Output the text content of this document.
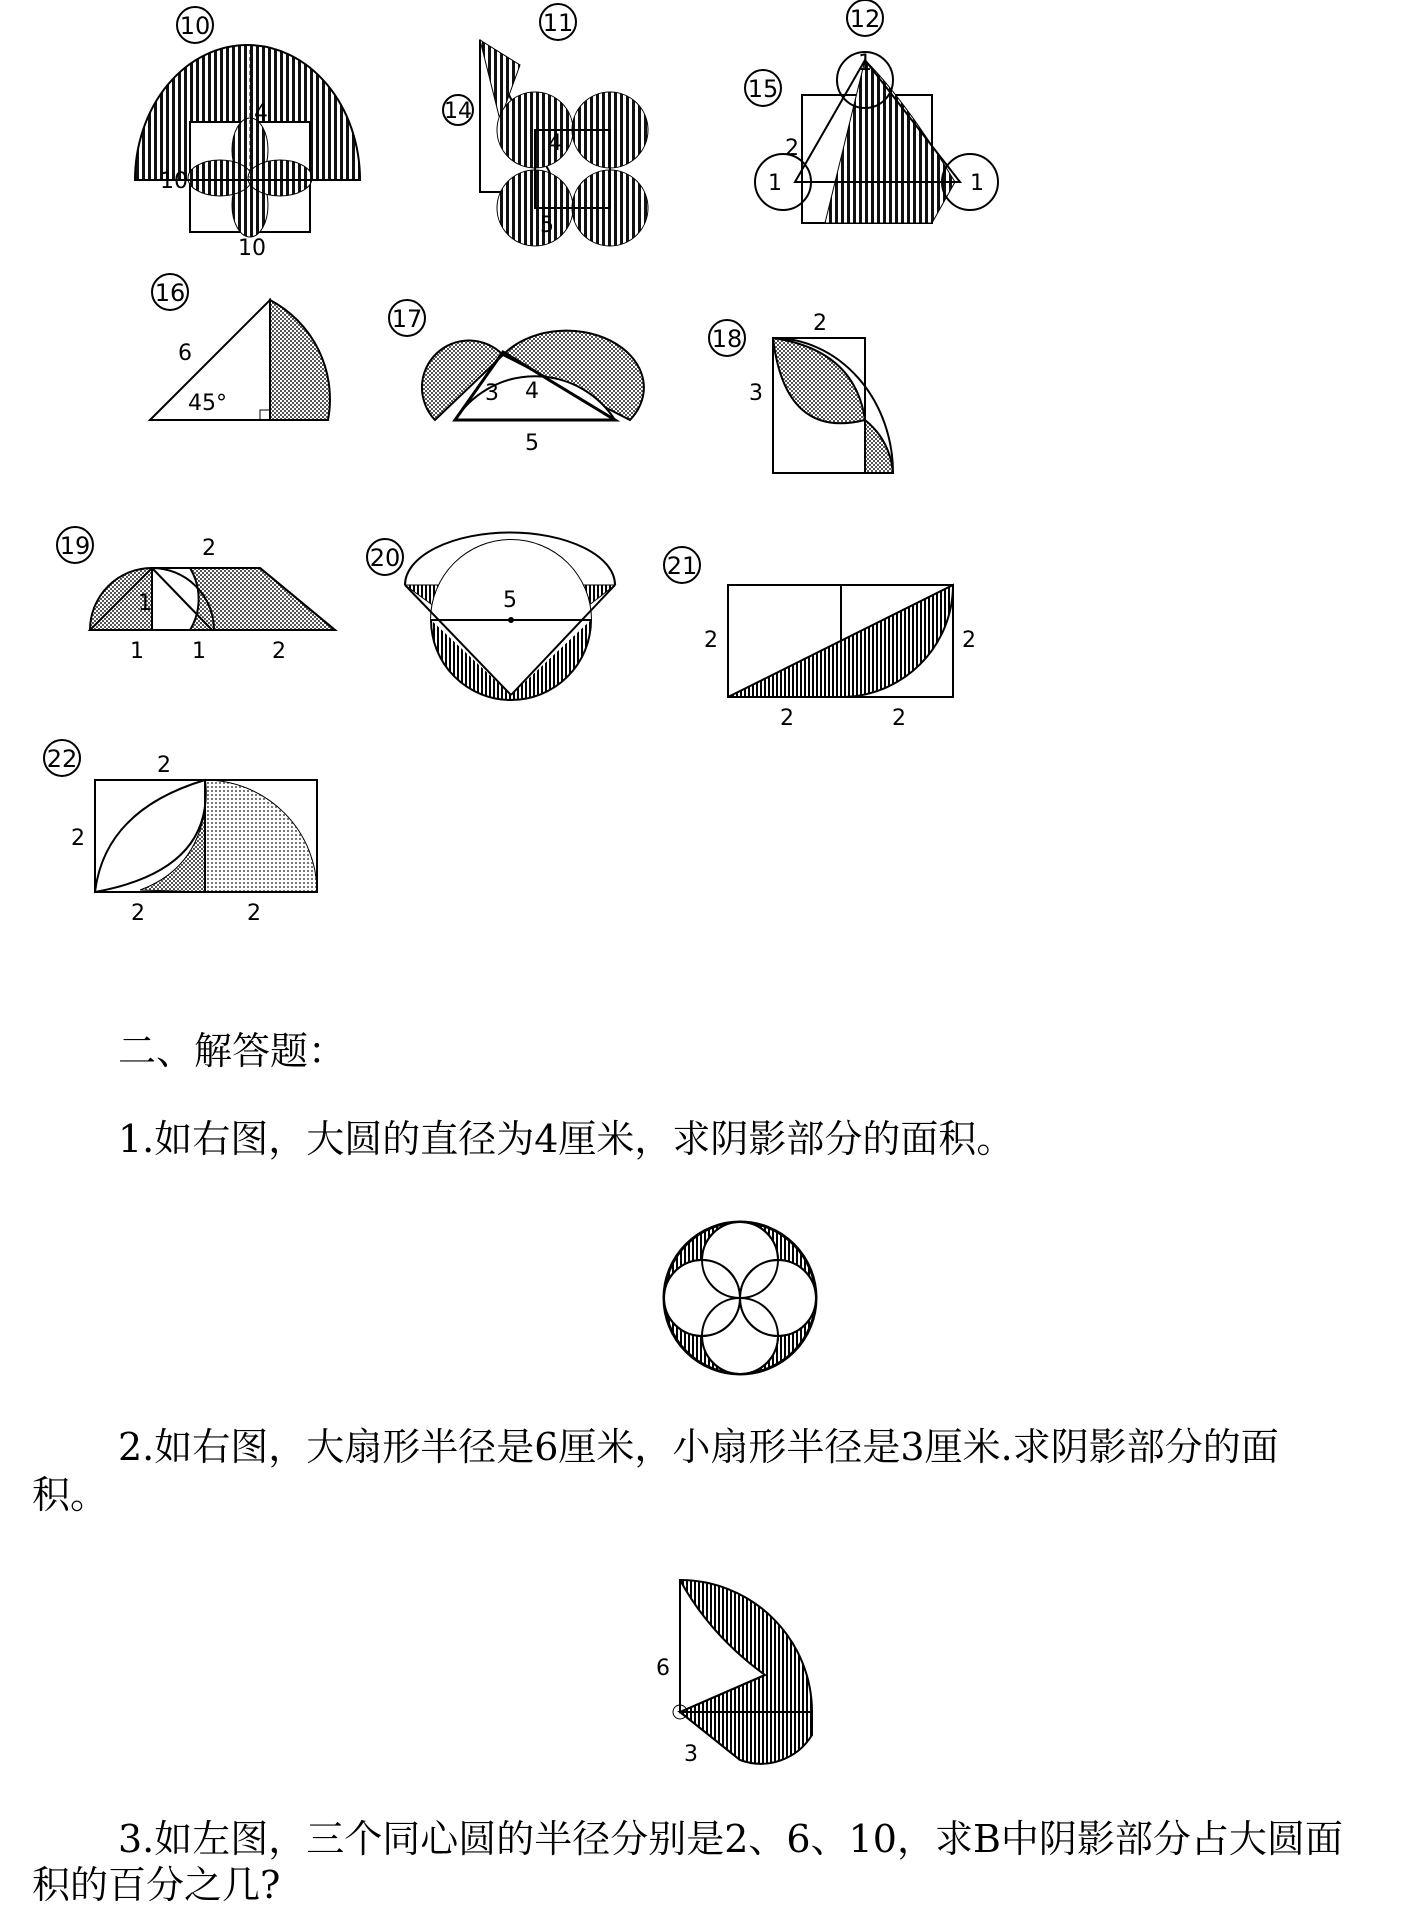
10
4
10
10
11
14
4
5
12
15
1
1	1
2
16
6
45°
17
3 4
5
18
2
3
19	2
1
1 1	2
20
5
21
2	2
2	2
22	2
2
2	2
二、解答题：
1.如右图，大圆的直径为4厘米，求阴影部分的面积。
2.如右图，大扇形半径是6厘米，小扇形半径是3厘米.求阴影部分的面
积。
6
3
3.如左图，三个同心圆的半径分别是2、6、10，求B中阴影部分占大圆面
积的百分之几?
